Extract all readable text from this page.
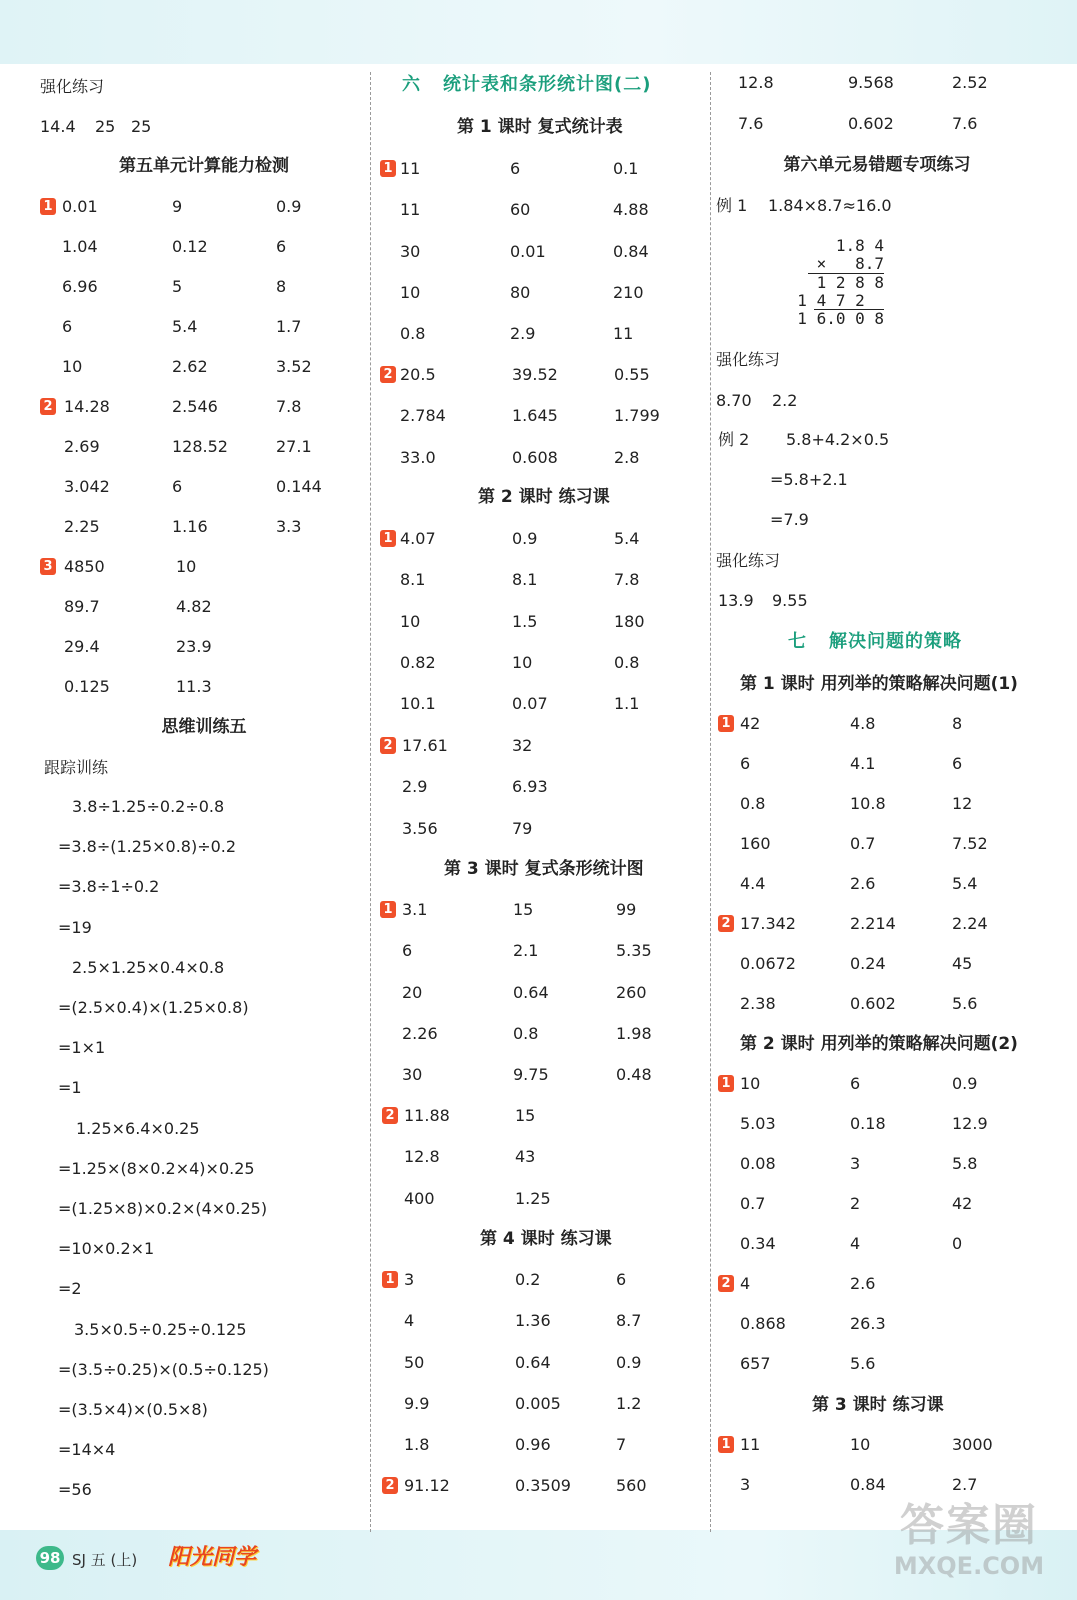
强化练习
14.4 25 25
第五单元计算能力检测
1 0.01	9	0.9
1.04	0.12	6
6.96	5	8
6	5.4	1.7
10	2.62	3.52
2 14.28	2.546	7.8
2.69	128.52	27.1
3.042	6	0.144
2.25	1.16	3.3
3 4850	10
89.7	4.82
29.4	23.9
0.125	11.3
思维训练五
跟踪训练
3.8÷1.25÷0.2÷0.8
=3.8÷(1.25×0.8)÷0.2
=3.8÷1÷0.2
=19
2.5×1.25×0.4×0.8
=(2.5×0.4)×(1.25×0.8)
=1×1
=1
1.25×6.4×0.25
=1.25×(8×0.2×4)×0.25
=(1.25×8)×0.2×(4×0.25)
=10×0.2×1
=2
3.5×0.5÷0.25÷0.125
=(3.5÷0.25)×(0.5÷0.125)
=(3.5×4)×(0.5×8)
=14×4
=56
六 统计表和条形统计图(二)
第 1 课时 复式统计表
1 11	6	0.1
11	60	4.88
30	0.01	0.84
10	80	210
0.8	2.9	11
2 20.5	39.52	0.55
2.784	1.645	1.799
33.0	0.608	2.8
第 2 课时 练习课
1 4.07	0.9	5.4
8.1	8.1	7.8
10	1.5	180
0.82	10	0.8
10.1	0.07	1.1
2 17.61	32
2.9	6.93
3.56	79
第 3 课时 复式条形统计图
1 3.1	15	99
6	2.1	5.35
20	0.64	260
2.26	0.8	1.98
30	9.75	0.48
2 11.88	15
12.8	43
400	1.25
第 4 课时 练习课
1 3	0.2	6
4	1.36	8.7
50	0.64	0.9
9.9	0.005	1.2
1.8	0.96	7
2 91.12	0.3509	560
12.8	9.568	2.52
7.6	0.602	7.6
第六单元易错题专项练习
例 1 1.84×8.7≈16.0
1.8 4
×   8.7
1 2 8 8
1 4 7 2
1 6.0 0 8
强化练习
8.70 2.2
例 2 5.8+4.2×0.5
=5.8+2.1
=7.9
强化练习
13.9 9.55
七 解决问题的策略
第 1 课时 用列举的策略解决问题(1)
1 42	4.8	8
6	4.1	6
0.8	10.8	12
160	0.7	7.52
4.4	2.6	5.4
2 17.342	2.214	2.24
0.0672	0.24	45
2.38	0.602	5.6
第 2 课时 用列举的策略解决问题(2)
1 10	6	0.9
5.03	0.18	12.9
0.08	3	5.8
0.7	2	42
0.34	4	0
2 4	2.6
0.868	26.3
657	5.6
第 3 课时 练习课
1 11	10	3000
3	0.84	2.7
98 SJ 五 (上) 阳光同学
答案圈
MXQE.COM
